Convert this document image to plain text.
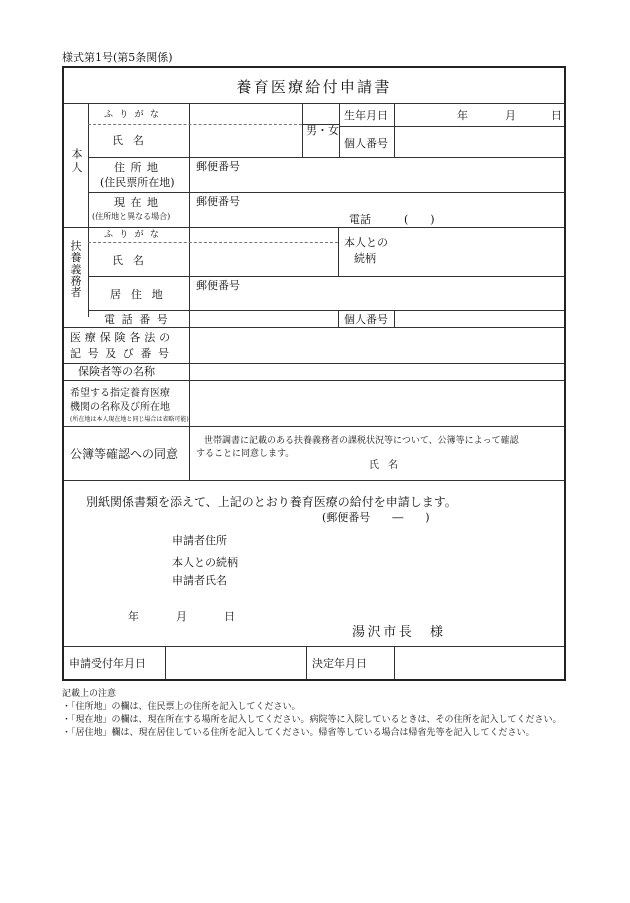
様式第1号(第5条関係)
養育医療給付申請書
本人
ふりがな
氏名
男・女
生年月日	年	月	日
個人番号
住所地
(住民票所在地)
郵便番号
現在地
(住所地と異なる場合)
郵便番号
電話	(　　)
扶養義務者
ふりがな
氏名
本人との
続柄
居住地
郵便番号
電話番号	個人番号
医療保険各法の
記号及び番号
保険者等の名称
希望する指定養育医療
機関の名称及び所在地
(所在地は本人現在地と同じ場合は省略可能)
公簿等確認への同意
世帯調書に記載のある扶養義務者の課税状況等について、公簿等によって確認
することに同意します。
氏名
別紙関係書類を添えて、上記のとおり養育医療の給付を申請します。
(郵便番号　　―　　)
申請者住所
本人との続柄
申請者氏名
年	月	日
湯沢市長　様
申請受付年月日	決定年月日

記載上の注意

・「住所地」の欄は、住民票上の住所を記入してください。

・「現在地」の欄は、現在所在する場所を記入してください。病院等に入院しているときは、その住所を記入してください。

・「居住地」欄は、現在居住している住所を記入してください。帰省等している場合は帰省先等を記入してください。
